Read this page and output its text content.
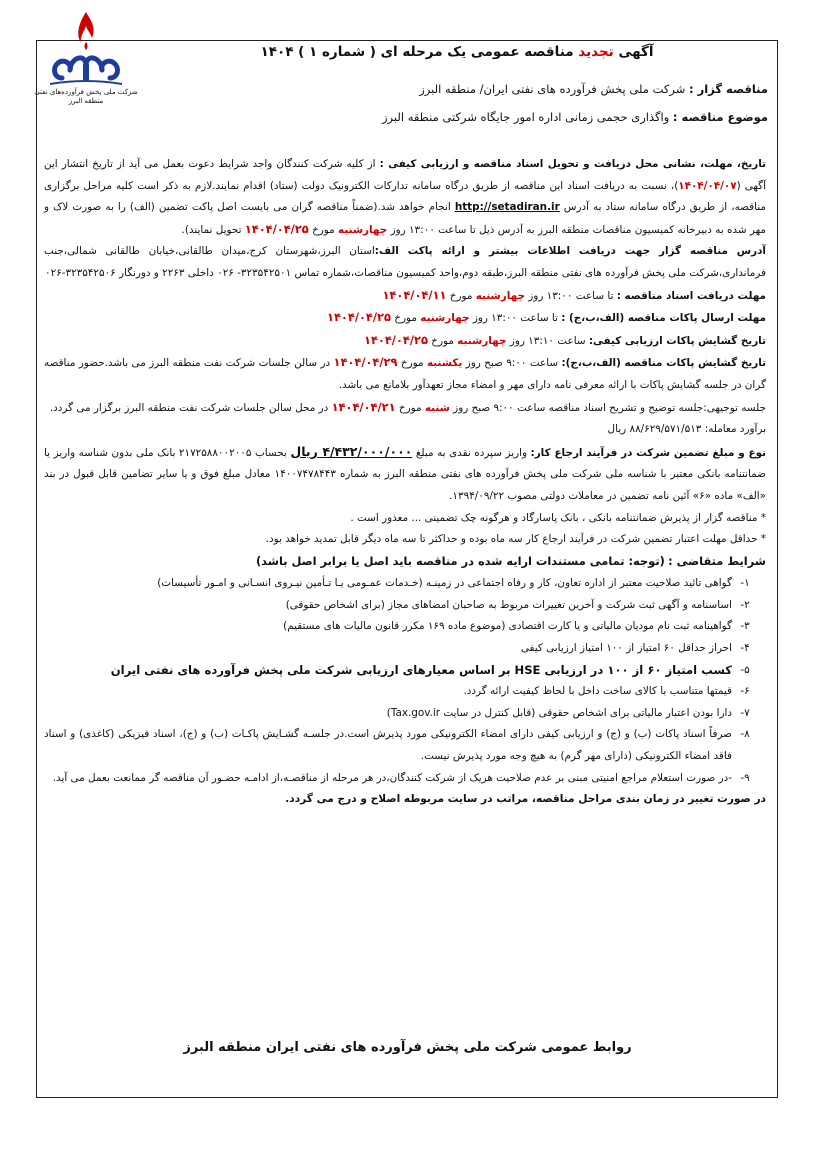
آگهی تجدید مناقصه عمومی یک مرحله ای ( شماره ۱ ) ۱۴۰۴
مناقصه گزار : شرکت ملی پخش فرآورده های نفتی ایران/ منطقه البرز
موضوع مناقصه : واگذاری حجمی زمانی اداره امور جایگاه شرکتی منطقه البرز
شرکت ملی پخش فرآورده‌های نفتی
منطقه البرز

تاریخ، مهلت، نشانی محل دریافت و تحویل اسناد مناقصه و ارزیابی کیفی : از کلیه شرکت کنندگان واجد شرایط دعوت بعمل می آید از تاریخ انتشار این آگهی (۱۴۰۴/۰۴/۰۷)، نسبت به دریافت اسناد این مناقصه از طریق درگاه سامانه تدارکات الکترونیک دولت (ستاد) اقدام نمایند.لازم به ذکر است کلیه مراحل برگزاری مناقصه، از طریق درگاه سامانه ستاد به آدرس http://setadiran.ir انجام خواهد شد.(ضمناً مناقصه گران می بایست اصل پاکت تضمین (الف) را به صورت لاک و مهر شده به دبیرخانه کمیسیون مناقصات منطقه البرز به آدرس ذیل تا ساعت ۱۳:۰۰ روز چهارشنبه مورخ ۱۴۰۴/۰۴/۲۵ تحویل نمایند).

آدرس مناقصه گزار جهت دریافت اطلاعات بیشتر و ارائه پاکت الف:استان البرز،شهرستان کرج،میدان طالقانی،خیابان طالقانی شمالی،جنب فرمانداری،شرکت ملی پخش فرآورده های نفتی منطقه البرز،طبقه دوم،واحد کمیسیون مناقصات،شماره تماس ۳۲۳۵۴۲۵۰۱- ۰۲۶ داخلی ۲۲۶۳ و دورنگار ۳۲۳۵۴۲۵۰۶-۰۲۶

مهلت دریافت اسناد مناقصه : تا ساعت ۱۳:۰۰ روز چهارشنبه مورخ ۱۴۰۴/۰۴/۱۱

مهلت ارسال پاکات مناقصه (الف،ب،ج) : تا ساعت ۱۳:۰۰ روز چهارشنبه مورخ ۱۴۰۴/۰۴/۲۵

تاریخ گشایش پاکات ارزیابی کیفی: ساعت ۱۳:۱۰ روز چهارشنبه مورخ ۱۴۰۴/۰۴/۲۵

تاریخ گشایش پاکات مناقصه (الف،ب،ج): ساعت ۹:۰۰ صبح روز یکشنبه مورخ ۱۴۰۴/۰۴/۲۹ در سالن جلسات شرکت نفت منطقه البرز می باشد.حضور مناقصه گران در جلسه گشایش پاکات با ارائه معرفی نامه دارای مهر و امضاء مجاز تعهدآور بلامانع می باشد.

جلسه توجیهی:جلسه توضیح و تشریح اسناد مناقصه ساعت ۹:۰۰ صبح روز شنبه مورخ ۱۴۰۴/۰۴/۲۱ در محل سالن جلسات شرکت نفت منطقه البرز برگزار می گردد.

برآورد معامله: ۸۸/۶۲۹/۵۷۱/۵۱۳ ریال

نوع و مبلغ تضمین شرکت در فرآیند ارجاع کار: واریز سپرده نقدی به مبلغ ۴/۴۳۲/۰۰۰/۰۰۰ ریال بحساب ۲۱۷۲۵۸۸۰۰۲۰۰۵ بانک ملی بدون شناسه واریز یا ضمانتنامه بانکی معتبر با شناسه ملی شرکت ملی پخش فرآورده های نفتی منطقه البرز به شماره ۱۴۰۰۷۴۷۸۴۴۳ معادل مبلغ فوق و یا سایر تضامین قابل قبول در بند «الف» ماده «۶» آئین نامه تضمین در معاملات دولتی مصوب ۱۳۹۴/۰۹/۲۲.

* مناقصه گزار از پذیرش ضمانتنامه بانکی ، بانک پاسارگاد و هرگونه چک تضمینی ... معذور است .

* حداقل مهلت اعتبار تضمین شرکت در فرآیند ارجاع کار سه ماه بوده و حداکثر تا سه ماه دیگر قابل تمدید خواهد بود.

شرایط متقاضی : (توجه: تمامی مستندات ارایه شده در مناقصه باید اصل یا برابر اصل باشد)

۱-
گواهی تائید صلاحیت معتبر از اداره تعاون، کار و رفاه اجتماعی در زمینـه (خـدمات عمـومی یـا تـأمین نیـروی انسـانی و امـور تأسیسات)
۲-
اساسنامه و آگهی ثبت شرکت و آخرین تغییرات مربوط به صاحبان امضاهای مجاز (برای اشخاص حقوقی)
۳-
گواهینامه ثبت نام مودیان مالیاتی و یا کارت اقتصادی (موضوع ماده ۱۶۹ مکرر قانون مالیات های مستقیم)
۴-
احراز حداقل ۶۰ امتیاز از ۱۰۰ امتیاز ارزیابی کیفی
۵-
کسب امتیاز ۶۰ از ۱۰۰ در ارزیابی HSE بر اساس معیارهای ارزیابی شرکت ملی پخش فرآورده های نفتی ایران
۶-
قیمتها متناسب با کالای ساخت داخل با لحاظ کیفیت ارائه گردد.
۷-
دارا بودن اعتبار مالیاتی برای اشخاص حقوقی (قابل کنترل در سایت Tax.gov.ir)
۸-
صرفاً اسناد پاکات (ب) و (ج) و ارزیابی کیفی دارای امضاء الکترونیکی مورد پذیرش است.در جلسـه گشـایش پاکـات (ب) و (ج)، اسناد فیزیکی (کاغذی) و اسناد فاقد امضاء الکترونیکی (دارای مهر گرم) به هیچ وجه مورد پذیرش نیست.
۹-
-در صورت استعلام مراجع امنیتی مبنی بر عدم صلاحیت هریک از شرکت کنندگان،در هر مرحله از مناقصـه،از ادامـه حضـور آن مناقصه گر ممانعت بعمل می آید.

در صورت تغییر در زمان بندی مراحل مناقصه، مراتب در سایت مربوطه اصلاح و درج می گردد.

روابط عمومی شرکت ملی پخش فرآورده های نفتی ایران منطقه البرز
